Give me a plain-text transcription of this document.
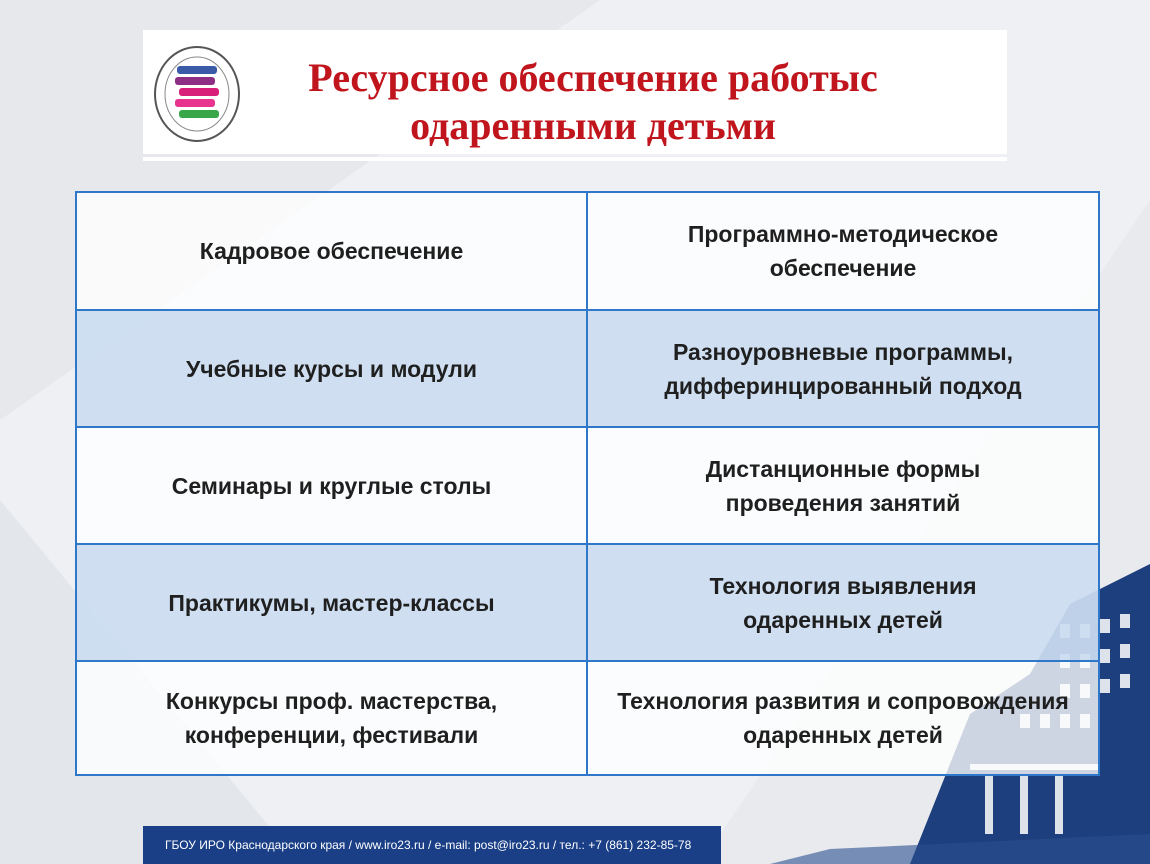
Ресурсное обеспечение работыс
одаренными детьми
Кадровое обеспечение
Программно-методическое обеспечение
Учебные курсы и модули
Разноуровневые программы, дифферинцированный подход
Семинары и круглые столы
Дистанционные формы проведения занятий
Практикумы, мастер-классы
Технология выявления одаренных детей
Конкурсы проф. мастерства, конференции, фестивали
Технология развития и сопровождения одаренных детей
ГБОУ ИРО Краснодарского края / www.iro23.ru / e-mail: post@iro23.ru / тел.: +7 (861) 232-85-78
